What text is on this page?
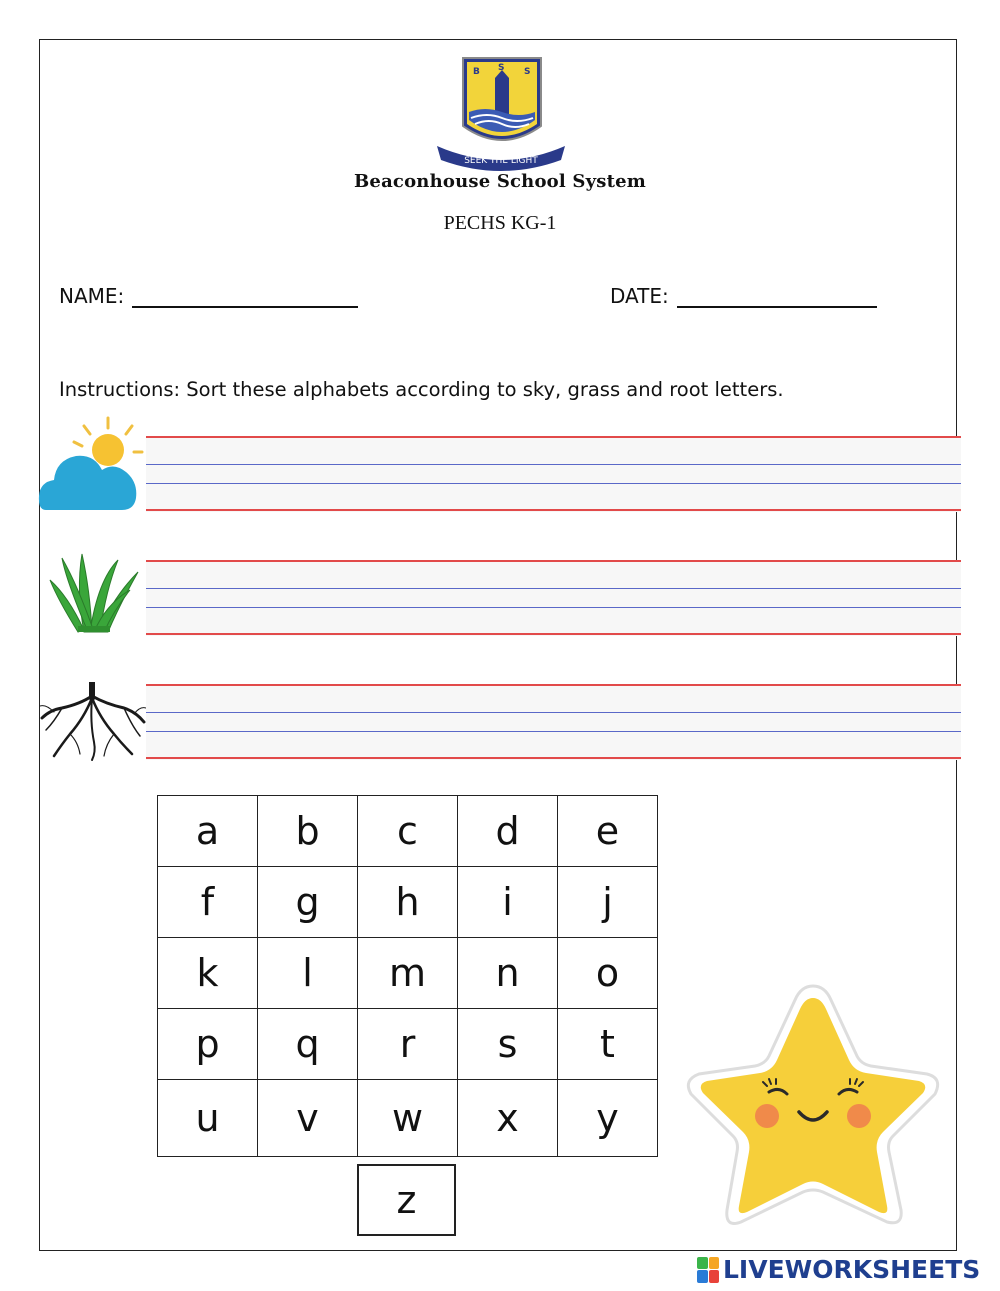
B S S
SEEK THE LIGHT
Beaconhouse School System
PECHS KG-1
NAME:	DATE:
Instructions: Sort these alphabets according to sky, grass and root letters.
a	b	c	d	e
f	g	h	i	j
k	l	m	n	o
p	q	r	s	t
u	v	w	x	y
z
LIVEWORKSHEETS
